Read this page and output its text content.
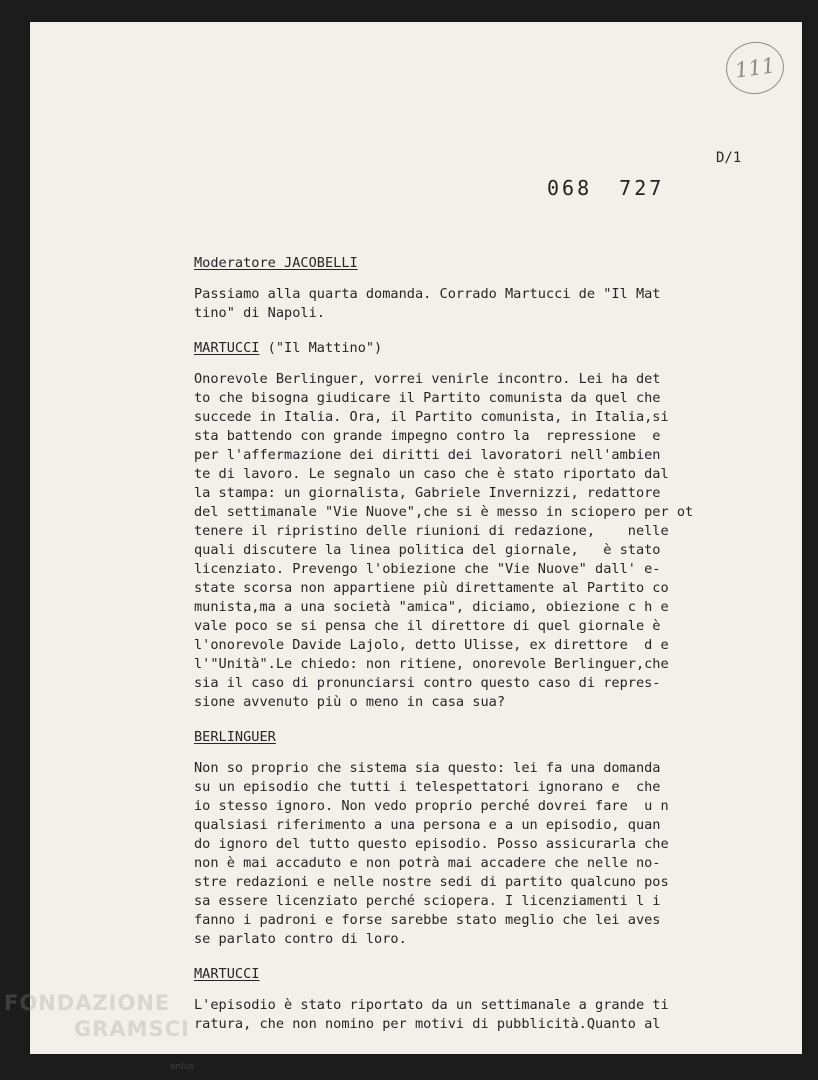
111
D/1
068 727
Moderatore JACOBELLI
Passiamo alla quarta domanda. Corrado Martucci de "Il Mat
tino" di Napoli.
MARTUCCI ("Il Mattino")
Onorevole Berlinguer, vorrei venirle incontro. Lei ha det
to che bisogna giudicare il Partito comunista da quel che
succede in Italia. Ora, il Partito comunista, in Italia,si
sta battendo con grande impegno contro la  repressione  e
per l'affermazione dei diritti dei lavoratori nell'ambien
te di lavoro. Le segnalo un caso che è stato riportato dal
la stampa: un giornalista, Gabriele Invernizzi, redattore
del settimanale "Vie Nuove",che si è messo in sciopero per ot
tenere il ripristino delle riunioni di redazione,    nelle
quali discutere la linea politica del giornale,   è stato
licenziato. Prevengo l'obiezione che "Vie Nuove" dall' e-
state scorsa non appartiene più direttamente al Partito co
munista,ma a una società "amica", diciamo, obiezione c h e
vale poco se si pensa che il direttore di quel giornale è
l'onorevole Davide Lajolo, detto Ulisse, ex direttore  d e
l'"Unità".Le chiedo: non ritiene, onorevole Berlinguer,che
sia il caso di pronunciarsi contro questo caso di repres-
sione avvenuto più o meno in casa sua?
BERLINGUER
Non so proprio che sistema sia questo: lei fa una domanda
su un episodio che tutti i telespettatori ignorano e  che
io stesso ignoro. Non vedo proprio perché dovrei fare  u n
qualsiasi riferimento a una persona e a un episodio, quan
do ignoro del tutto questo episodio. Posso assicurarla che
non è mai accaduto e non potrà mai accadere che nelle no-
stre redazioni e nelle nostre sedi di partito qualcuno pos
sa essere licenziato perché sciopera. I licenziamenti l i
fanno i padroni e forse sarebbe stato meglio che lei aves
se parlato contro di loro.
MARTUCCI
L'episodio è stato riportato da un settimanale a grande ti
ratura, che non nomino per motivi di pubblicità.Quanto al
FONDAZIONE
GRAMSCI
onlus
